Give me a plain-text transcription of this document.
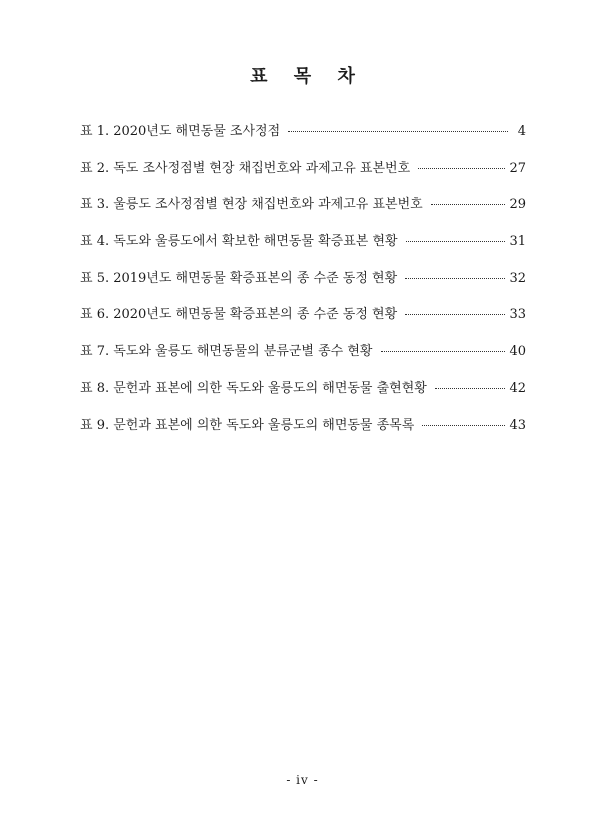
표 목 차
표 1. 2020년도 해면동물 조사정점	4
표 2. 독도 조사정점별 현장 채집번호와 과제고유 표본번호	27
표 3. 울릉도 조사정점별 현장 채집번호와 과제고유 표본번호	29
표 4. 독도와 울릉도에서 확보한 해면동물 확증표본 현황	31
표 5. 2019년도 해면동물 확증표본의 종 수준 동정 현황	32
표 6. 2020년도 해면동물 확증표본의 종 수준 동정 현황	33
표 7. 독도와 울릉도 해면동물의 분류군별 종수 현황	40
표 8. 문헌과 표본에 의한 독도와 울릉도의 해면동물 출현현황	42
표 9. 문헌과 표본에 의한 독도와 울릉도의 해면동물 종목록	43
- iv -
